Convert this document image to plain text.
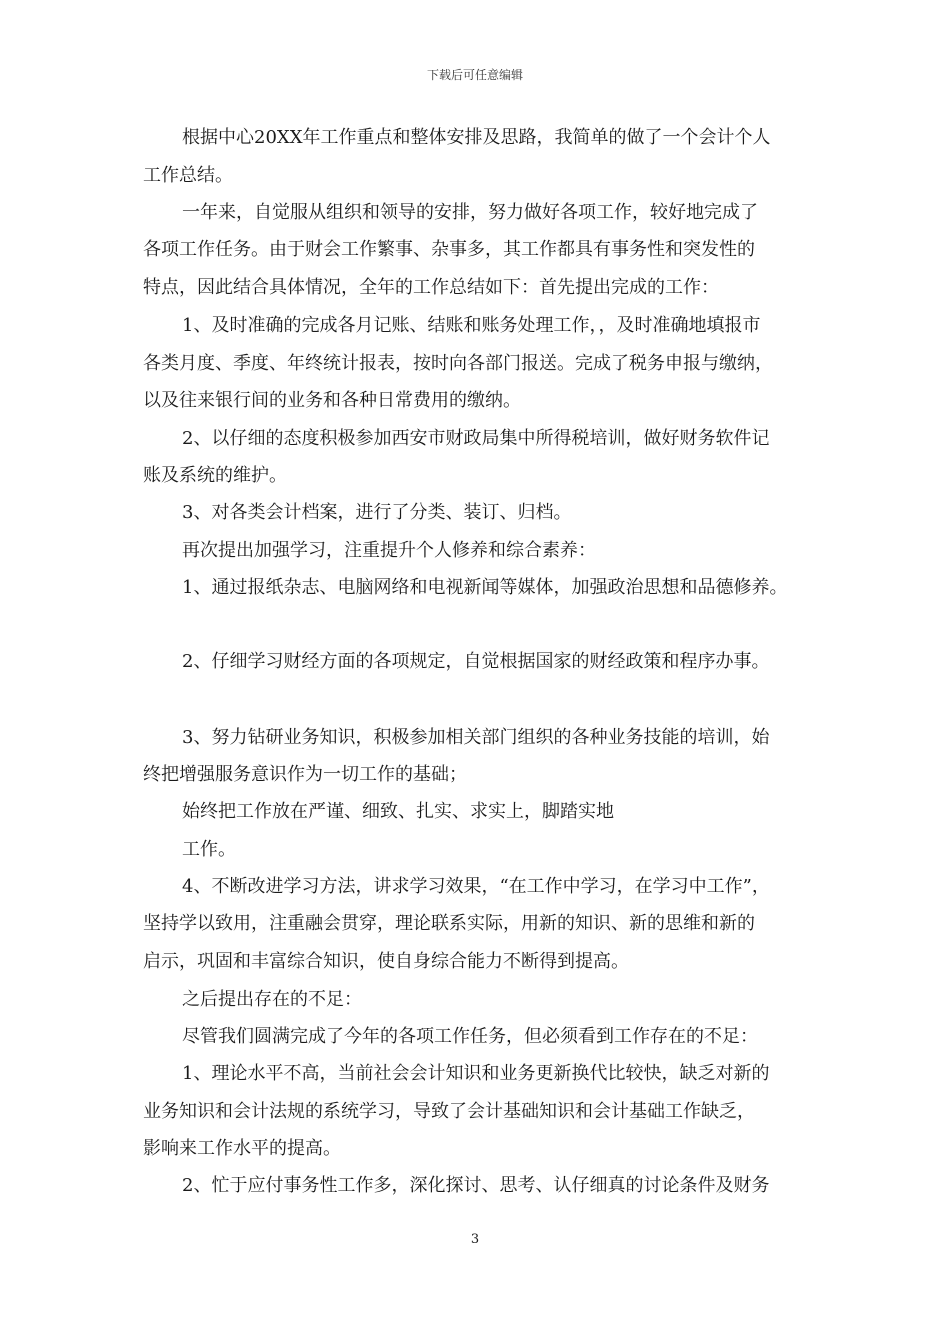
下载后可任意编辑
根据中心20XX年工作重点和整体安排及思路，我简单的做了一个会计个人
工作总结。
一年来，自觉服从组织和领导的安排，努力做好各项工作，较好地完成了
各项工作任务。由于财会工作繁事、杂事多，其工作都具有事务性和突发性的
特点，因此结合具体情况，全年的工作总结如下：首先提出完成的工作：
1、及时准确的完成各月记账、结账和账务处理工作，，及时准确地填报市
各类月度、季度、年终统计报表，按时向各部门报送。完成了税务申报与缴纳，
以及往来银行间的业务和各种日常费用的缴纳。
2、以仔细的态度积极参加西安市财政局集中所得税培训，做好财务软件记
账及系统的维护。
3、对各类会计档案，进行了分类、装订、归档。
再次提出加强学习，注重提升个人修养和综合素养：
1、通过报纸杂志、电脑网络和电视新闻等媒体，加强政治思想和品德修养。
2、仔细学习财经方面的各项规定，自觉根据国家的财经政策和程序办事。
3、努力钻研业务知识，积极参加相关部门组织的各种业务技能的培训，始
终把增强服务意识作为一切工作的基础；
始终把工作放在严谨、细致、扎实、求实上，脚踏实地
工作。
4、不断改进学习方法，讲求学习效果，“在工作中学习，在学习中工作”，
坚持学以致用，注重融会贯穿，理论联系实际，用新的知识、新的思维和新的
启示，巩固和丰富综合知识，使自身综合能力不断得到提高。
之后提出存在的不足：
尽管我们圆满完成了今年的各项工作任务，但必须看到工作存在的不足：
1、理论水平不高，当前社会会计知识和业务更新换代比较快，缺乏对新的
业务知识和会计法规的系统学习，导致了会计基础知识和会计基础工作缺乏，
影响来工作水平的提高。
2、忙于应付事务性工作多，深化探讨、思考、认仔细真的讨论条件及财务
3
